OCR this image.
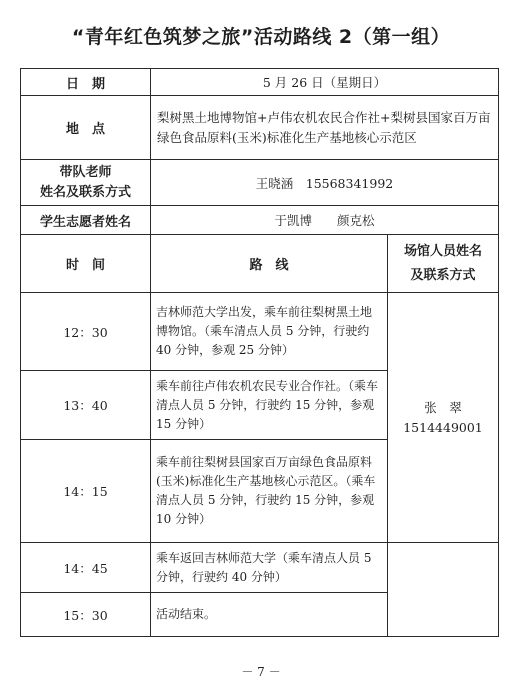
“青年红色筑梦之旅”活动路线 2（第一组）
日　期	5 月 26 日（星期日）	
地　点	梨树黑土地博物馆+卢伟农机农民合作社+梨树县国家百万亩绿色食品原料(玉米)标准化生产基地核心示范区	
带队老师
姓名及联系方式	王晓涵　15568341992	
学生志愿者姓名	于凯博　　颜克松	
时　间	路　线	场馆人员姓名
及联系方式
12：30	吉林师范大学出发，乘车前往梨树黑土地博物馆。（乘车清点人员 5 分钟，行驶约 40 分钟，参观 25 分钟）	张　翠
1514449001

13：40	乘车前往卢伟农机农民专业合作社。（乘车清点人员 5 分钟，行驶约 15 分钟，参观 15 分钟）	
14：15	乘车前往梨树县国家百万亩绿色食品原料(玉米)标准化生产基地核心示范区。（乘车清点人员 5 分钟，行驶约 15 分钟，参观 10 分钟）	
14：45	乘车返回吉林师范大学（乘车清点人员 5 分钟，行驶约 40 分钟）	
15：30	活动结束。	
－ 7 －
